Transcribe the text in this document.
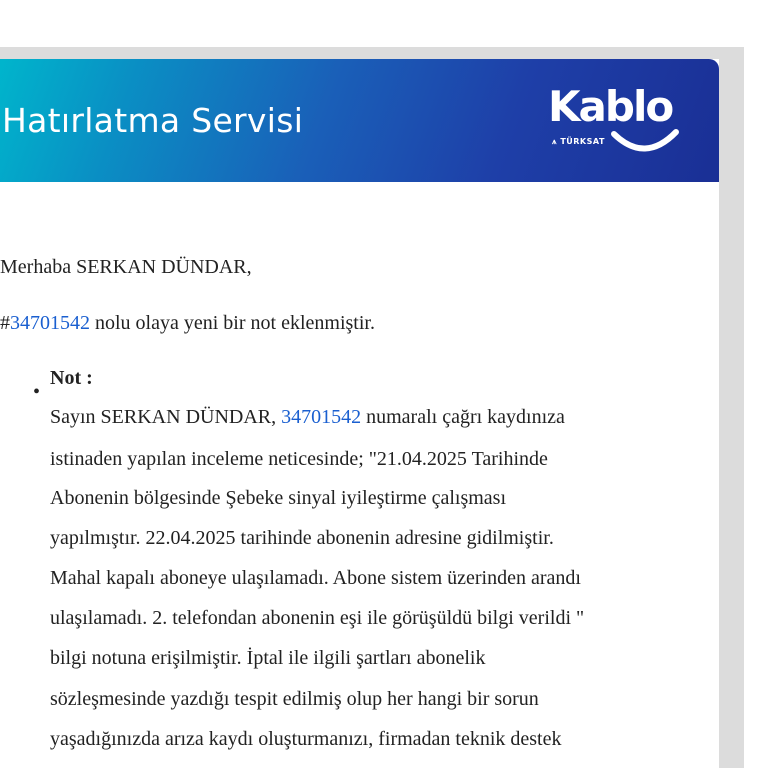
Hatırlatma Servisi	Kablo
⩚ TÜRKSAT
Merhaba SERKAN DÜNDAR,
#34701542 nolu olaya yeni bir not eklenmiştir.
•
Not :
Sayın SERKAN DÜNDAR, 34701542 numaralı çağrı kaydınıza
istinaden yapılan inceleme neticesinde; "21.04.2025 Tarihinde
Abonenin bölgesinde Şebeke sinyal iyileştirme çalışması
yapılmıştır. 22.04.2025 tarihinde abonenin adresine gidilmiştir.
Mahal kapalı aboneye ulaşılamadı. Abone sistem üzerinden arandı
ulaşılamadı. 2. telefondan abonenin eşi ile görüşüldü bilgi verildi "
bilgi notuna erişilmiştir. İptal ile ilgili şartları abonelik
sözleşmesinde yazdığı tespit edilmiş olup her hangi bir sorun
yaşadığınızda arıza kaydı oluşturmanızı, firmadan teknik destek
